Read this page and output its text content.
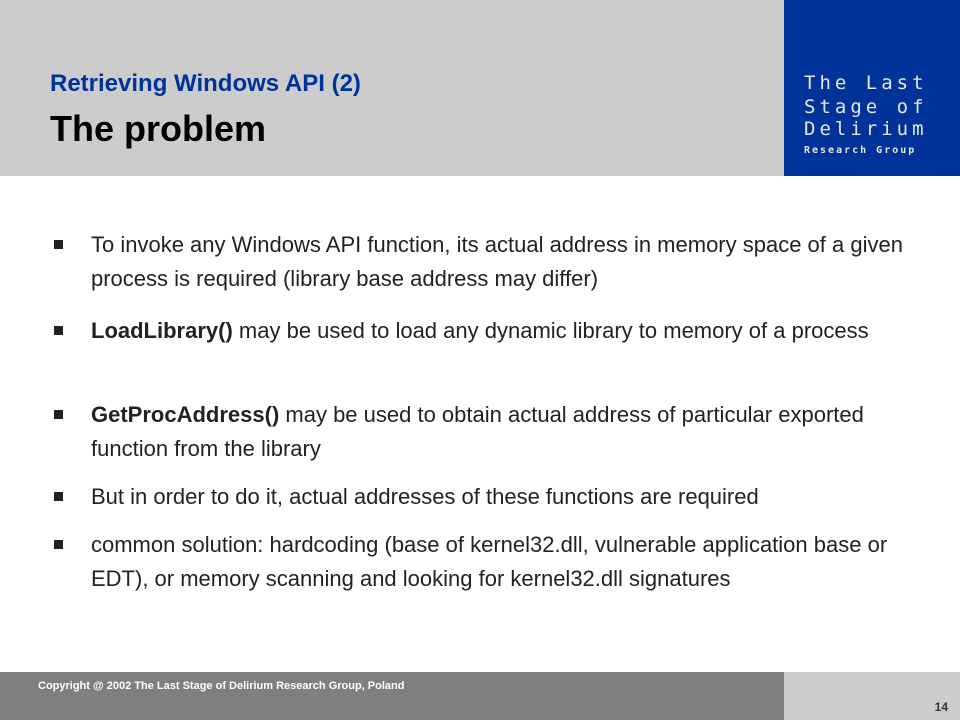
Retrieving Windows API (2)
The problem
The Last
Stage of
Delirium
Research Group
To invoke any Windows API function, its actual address in memory space of a given process is required (library base address may differ)
LoadLibrary() may be used to load any dynamic library to memory of a process
GetProcAddress() may be used to obtain actual address of particular exported function from the library
But in order to do it, actual addresses of these functions are required
common solution: hardcoding (base of kernel32.dll, vulnerable application base or EDT), or memory scanning and looking for kernel32.dll signatures
Copyright @ 2002 The Last Stage of Delirium Research Group, Poland
14
